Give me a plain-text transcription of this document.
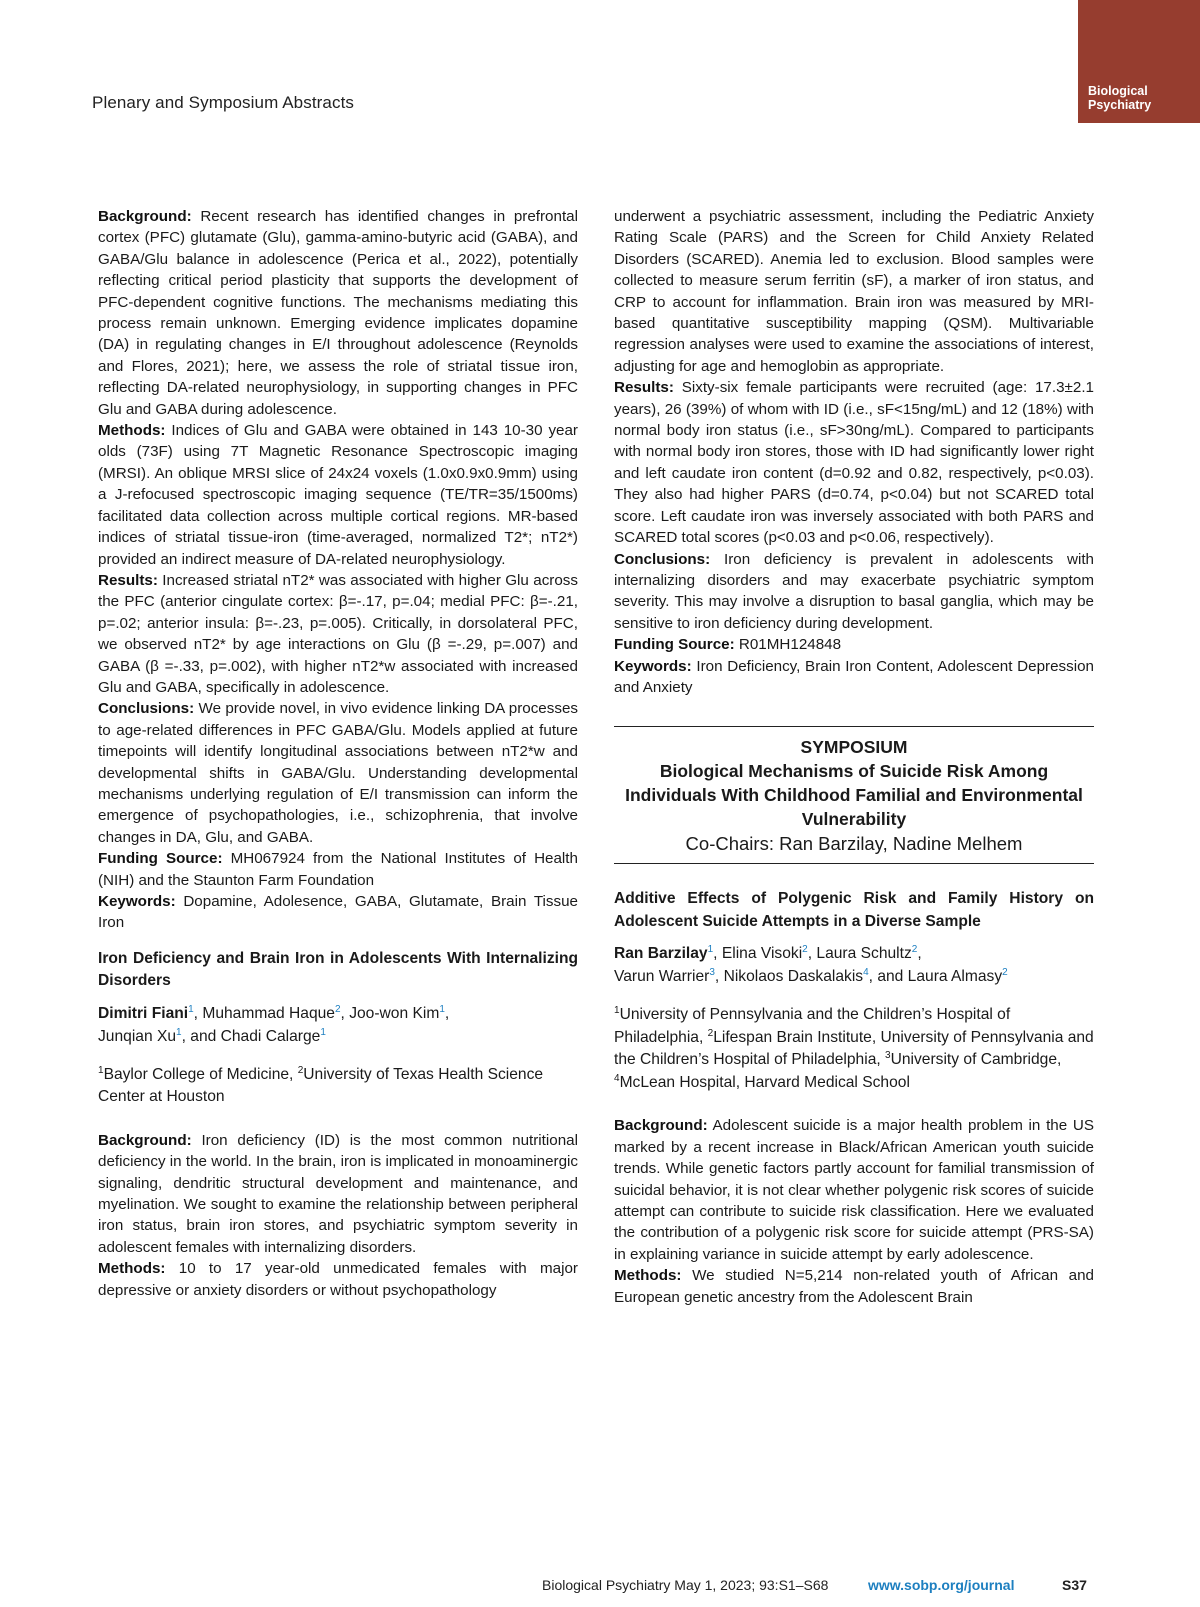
Plenary and Symposium Abstracts
Biological
Psychiatry

Background: Recent research has identified changes in prefrontal cortex (PFC) glutamate (Glu), gamma-amino-butyric acid (GABA), and GABA/Glu balance in adolescence (Perica et al., 2022), potentially reflecting critical period plasticity that supports the development of PFC-dependent cognitive functions. The mechanisms mediating this process remain unknown. Emerging evidence implicates dopamine (DA) in regulating changes in E/I throughout adolescence (Reynolds and Flores, 2021); here, we assess the role of striatal tissue iron, reflecting DA-related neurophysiology, in supporting changes in PFC Glu and GABA during adolescence.

Methods: Indices of Glu and GABA were obtained in 143 10-30 year olds (73F) using 7T Magnetic Resonance Spectroscopic imaging (MRSI). An oblique MRSI slice of 24x24 voxels (1.0x0.9x0.9mm) using a J-refocused spectroscopic imaging sequence (TE/TR=35/1500ms) facilitated data collection across multiple cortical regions. MR-based indices of striatal tissue-iron (time-averaged, normalized T2*; nT2*) provided an indirect measure of DA-related neurophysiology.

Results: Increased striatal nT2* was associated with higher Glu across the PFC (anterior cingulate cortex: β=-.17, p=.04; medial PFC: β=-.21, p=.02; anterior insula: β=-.23, p=.005). Critically, in dorsolateral PFC, we observed nT2* by age interactions on Glu (β =-.29, p=.007) and GABA (β =-.33, p=.002), with higher nT2*w associated with increased Glu and GABA, specifically in adolescence.

Conclusions: We provide novel, in vivo evidence linking DA processes to age-related differences in PFC GABA/Glu. Models applied at future timepoints will identify longitudinal associations between nT2*w and developmental shifts in GABA/Glu. Understanding developmental mechanisms underlying regulation of E/I transmission can inform the emergence of psychopathologies, i.e., schizophrenia, that involve changes in DA, Glu, and GABA.

Funding Source: MH067924 from the National Institutes of Health (NIH) and the Staunton Farm Foundation

Keywords: Dopamine, Adolesence, GABA, Glutamate, Brain Tissue Iron

Iron Deficiency and Brain Iron in Adolescents With Internalizing Disorders

Dimitri Fiani$^1$, Muhammad Haque$^2$, Joo-won Kim$^1$,
Junqian Xu$^1$, and Chadi Calarge$^1$

$^1$Baylor College of Medicine, $^2$University of Texas Health Science Center at Houston

Background: Iron deficiency (ID) is the most common nutritional deficiency in the world. In the brain, iron is implicated in monoaminergic signaling, dendritic structural development and maintenance, and myelination. We sought to examine the relationship between peripheral iron status, brain iron stores, and psychiatric symptom severity in adolescent females with internalizing disorders.

Methods: 10 to 17 year-old unmedicated females with major depressive or anxiety disorders or without psychopathology

underwent a psychiatric assessment, including the Pediatric Anxiety Rating Scale (PARS) and the Screen for Child Anxiety Related Disorders (SCARED). Anemia led to exclusion. Blood samples were collected to measure serum ferritin (sF), a marker of iron status, and CRP to account for inflammation. Brain iron was measured by MRI-based quantitative susceptibility mapping (QSM). Multivariable regression analyses were used to examine the associations of interest, adjusting for age and hemoglobin as appropriate.

Results: Sixty-six female participants were recruited (age: 17.3±2.1 years), 26 (39%) of whom with ID (i.e., sF<15ng/mL) and 12 (18%) with normal body iron status (i.e., sF>30ng/mL). Compared to participants with normal body iron stores, those with ID had significantly lower right and left caudate iron content (d=0.92 and 0.82, respectively, p<0.03). They also had higher PARS (d=0.74, p<0.04) but not SCARED total score. Left caudate iron was inversely associated with both PARS and SCARED total scores (p<0.03 and p<0.06, respectively).

Conclusions: Iron deficiency is prevalent in adolescents with internalizing disorders and may exacerbate psychiatric symptom severity. This may involve a disruption to basal ganglia, which may be sensitive to iron deficiency during development.

Funding Source: R01MH124848

Keywords: Iron Deficiency, Brain Iron Content, Adolescent Depression and Anxiety

SYMPOSIUM
Biological Mechanisms of Suicide Risk Among Individuals With Childhood Familial and Environmental Vulnerability
Co-Chairs: Ran Barzilay, Nadine Melhem

Additive Effects of Polygenic Risk and Family History on Adolescent Suicide Attempts in a Diverse Sample

Ran Barzilay$^1$, Elina Visoki$^2$, Laura Schultz$^2$,
Varun Warrier$^3$, Nikolaos Daskalakis$^4$, and Laura Almasy$^2$

$^1$University of Pennsylvania and the Children’s Hospital of Philadelphia, $^2$Lifespan Brain Institute, University of Pennsylvania and the Children’s Hospital of Philadelphia, $^3$University of Cambridge, $^4$McLean Hospital, Harvard Medical School

Background: Adolescent suicide is a major health problem in the US marked by a recent increase in Black/African American youth suicide trends. While genetic factors partly account for familial transmission of suicidal behavior, it is not clear whether polygenic risk scores of suicide attempt can contribute to suicide risk classification. Here we evaluated the contribution of a polygenic risk score for suicide attempt (PRS-SA) in explaining variance in suicide attempt by early adolescence.

Methods: We studied N=5,214 non-related youth of African and European genetic ancestry from the Adolescent Brain

Biological Psychiatry May 1, 2023; 93:S1–S68	www.sobp.org/journal	S37
